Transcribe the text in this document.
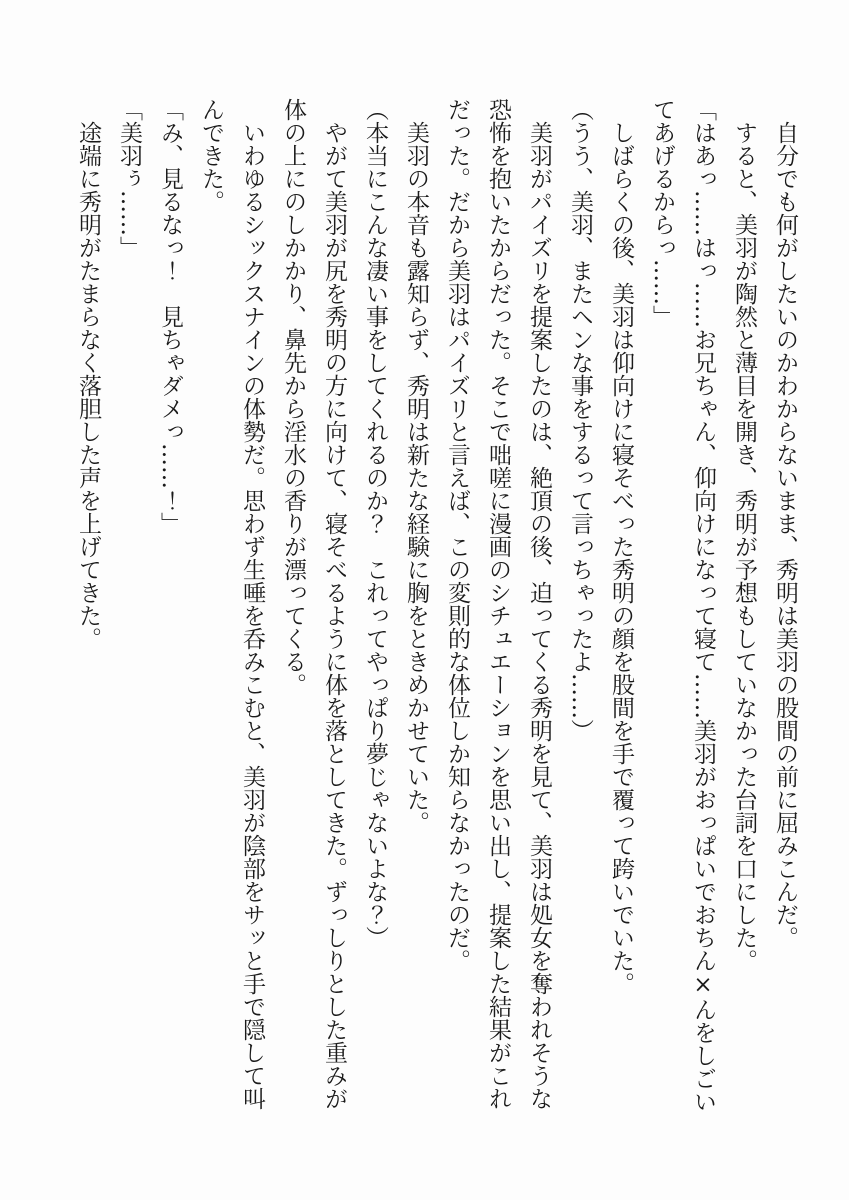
自分でも何がしたいのかわからないまま、秀明は美羽の股間の前に屈みこんだ。
すると、美羽が陶然と薄目を開き、秀明が予想もしていなかった台詞を口にした。
「はあっ……はっ……お兄ちゃん、仰向けになって寝て……美羽がおっぱいでおちん×んをしごい
てあげるからっ……」
しばらくの後、美羽は仰向けに寝そべった秀明の顔を股間を手で覆って跨いでいた。
（うう、美羽、またヘンな事をするって言っちゃったよ……）
美羽がパイズリを提案したのは、絶頂の後、迫ってくる秀明を見て、美羽は処女を奪われそうな
恐怖を抱いたからだった。そこで咄嗟に漫画のシチュエーションを思い出し、提案した結果がこれ
だった。だから美羽はパイズリと言えば、この変則的な体位しか知らなかったのだ。
美羽の本音も露知らず、秀明は新たな経験に胸をときめかせていた。
（本当にこんな凄い事をしてくれるのか？　これってやっぱり夢じゃないよな？）
やがて美羽が尻を秀明の方に向けて、寝そべるように体を落としてきた。ずっしりとした重みが
体の上にのしかかり、鼻先から淫水の香りが漂ってくる。
いわゆるシックスナインの体勢だ。思わず生唾を呑みこむと、美羽が陰部をサッと手で隠して叫
んできた。
「み、見るなっ！　見ちゃダメっ……！」
「美羽ぅ……」
途端に秀明がたまらなく落胆した声を上げてきた。
